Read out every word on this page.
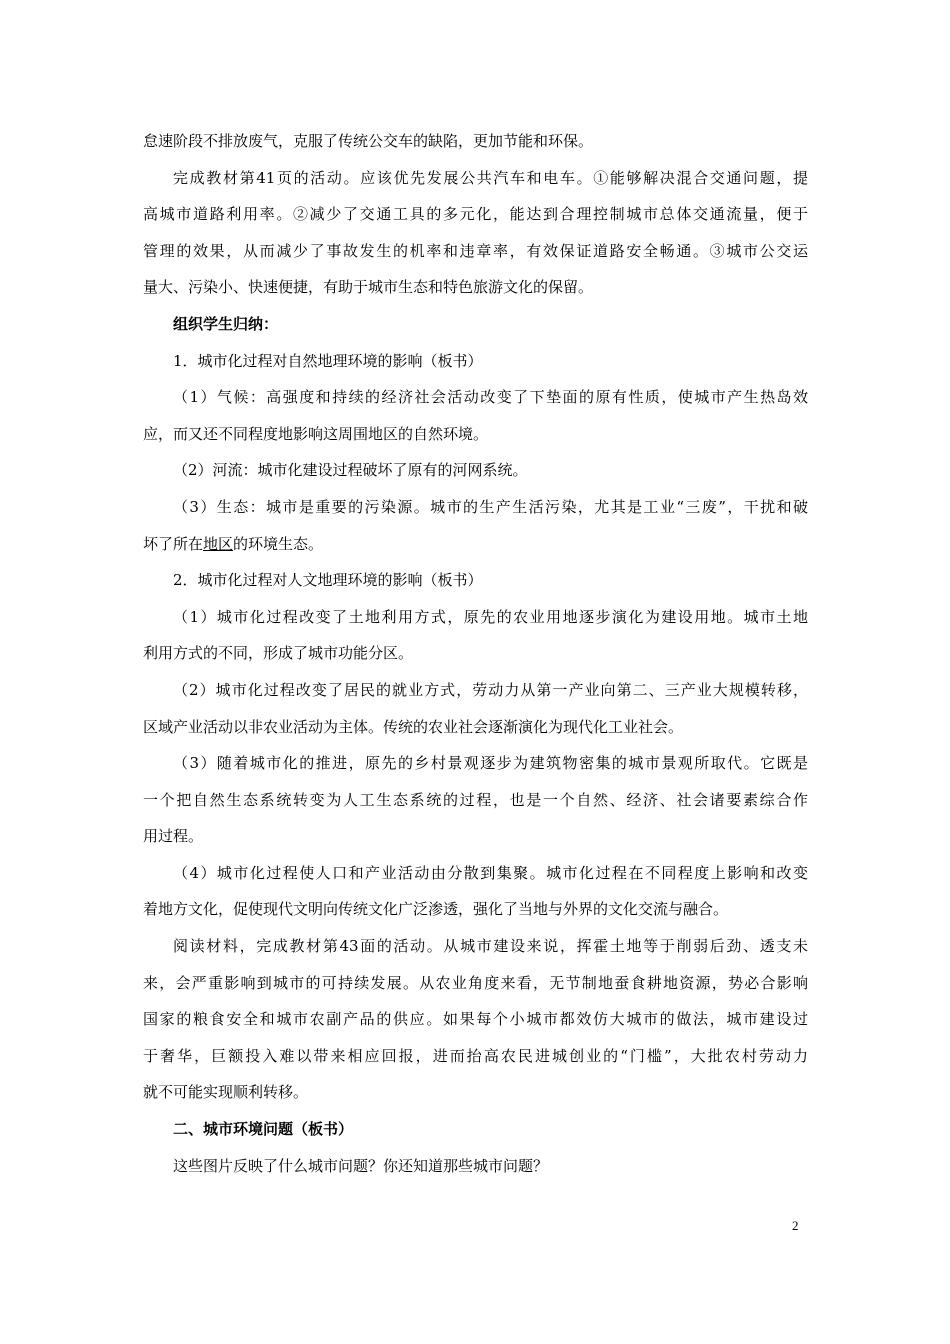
怠速阶段不排放废气，克服了传统公交车的缺陷，更加节能和环保。
完成教材第41页的活动。应该优先发展公共汽车和电车。①能够解决混合交通问题，提
高城市道路利用率。②减少了交通工具的多元化，能达到合理控制城市总体交通流量，便于
管理的效果，从而减少了事故发生的机率和违章率，有效保证道路安全畅通。③城市公交运
量大、污染小、快速便捷，有助于城市生态和特色旅游文化的保留。
组织学生归纳：
1．城市化过程对自然地理环境的影响（板书）
（1）气候：高强度和持续的经济社会活动改变了下垫面的原有性质，使城市产生热岛效
应，而又还不同程度地影响这周围地区的自然环境。
（2）河流：城市化建设过程破坏了原有的河网系统。
（3）生态：城市是重要的污染源。城市的生产生活污染，尤其是工业“三废”，干扰和破
坏了所在地区的环境生态。
2．城市化过程对人文地理环境的影响（板书）
（1）城市化过程改变了土地利用方式，原先的农业用地逐步演化为建设用地。城市土地
利用方式的不同，形成了城市功能分区。
（2）城市化过程改变了居民的就业方式，劳动力从第一产业向第二、三产业大规模转移，
区域产业活动以非农业活动为主体。传统的农业社会逐渐演化为现代化工业社会。
（3）随着城市化的推进，原先的乡村景观逐步为建筑物密集的城市景观所取代。它既是
一个把自然生态系统转变为人工生态系统的过程，也是一个自然、经济、社会诸要素综合作
用过程。
（4）城市化过程使人口和产业活动由分散到集聚。城市化过程在不同程度上影响和改变
着地方文化，促使现代文明向传统文化广泛渗透，强化了当地与外界的文化交流与融合。
阅读材料，完成教材第43面的活动。从城市建设来说，挥霍土地等于削弱后劲、透支未
来，会严重影响到城市的可持续发展。从农业角度来看，无节制地蚕食耕地资源，势必合影响
国家的粮食安全和城市农副产品的供应。如果每个小城市都效仿大城市的做法，城市建设过
于奢华，巨额投入难以带来相应回报，进而抬高农民进城创业的“门槛”，大批农村劳动力
就不可能实现顺利转移。
二、城市环境问题（板书）
这些图片反映了什么城市问题？你还知道那些城市问题？
2
